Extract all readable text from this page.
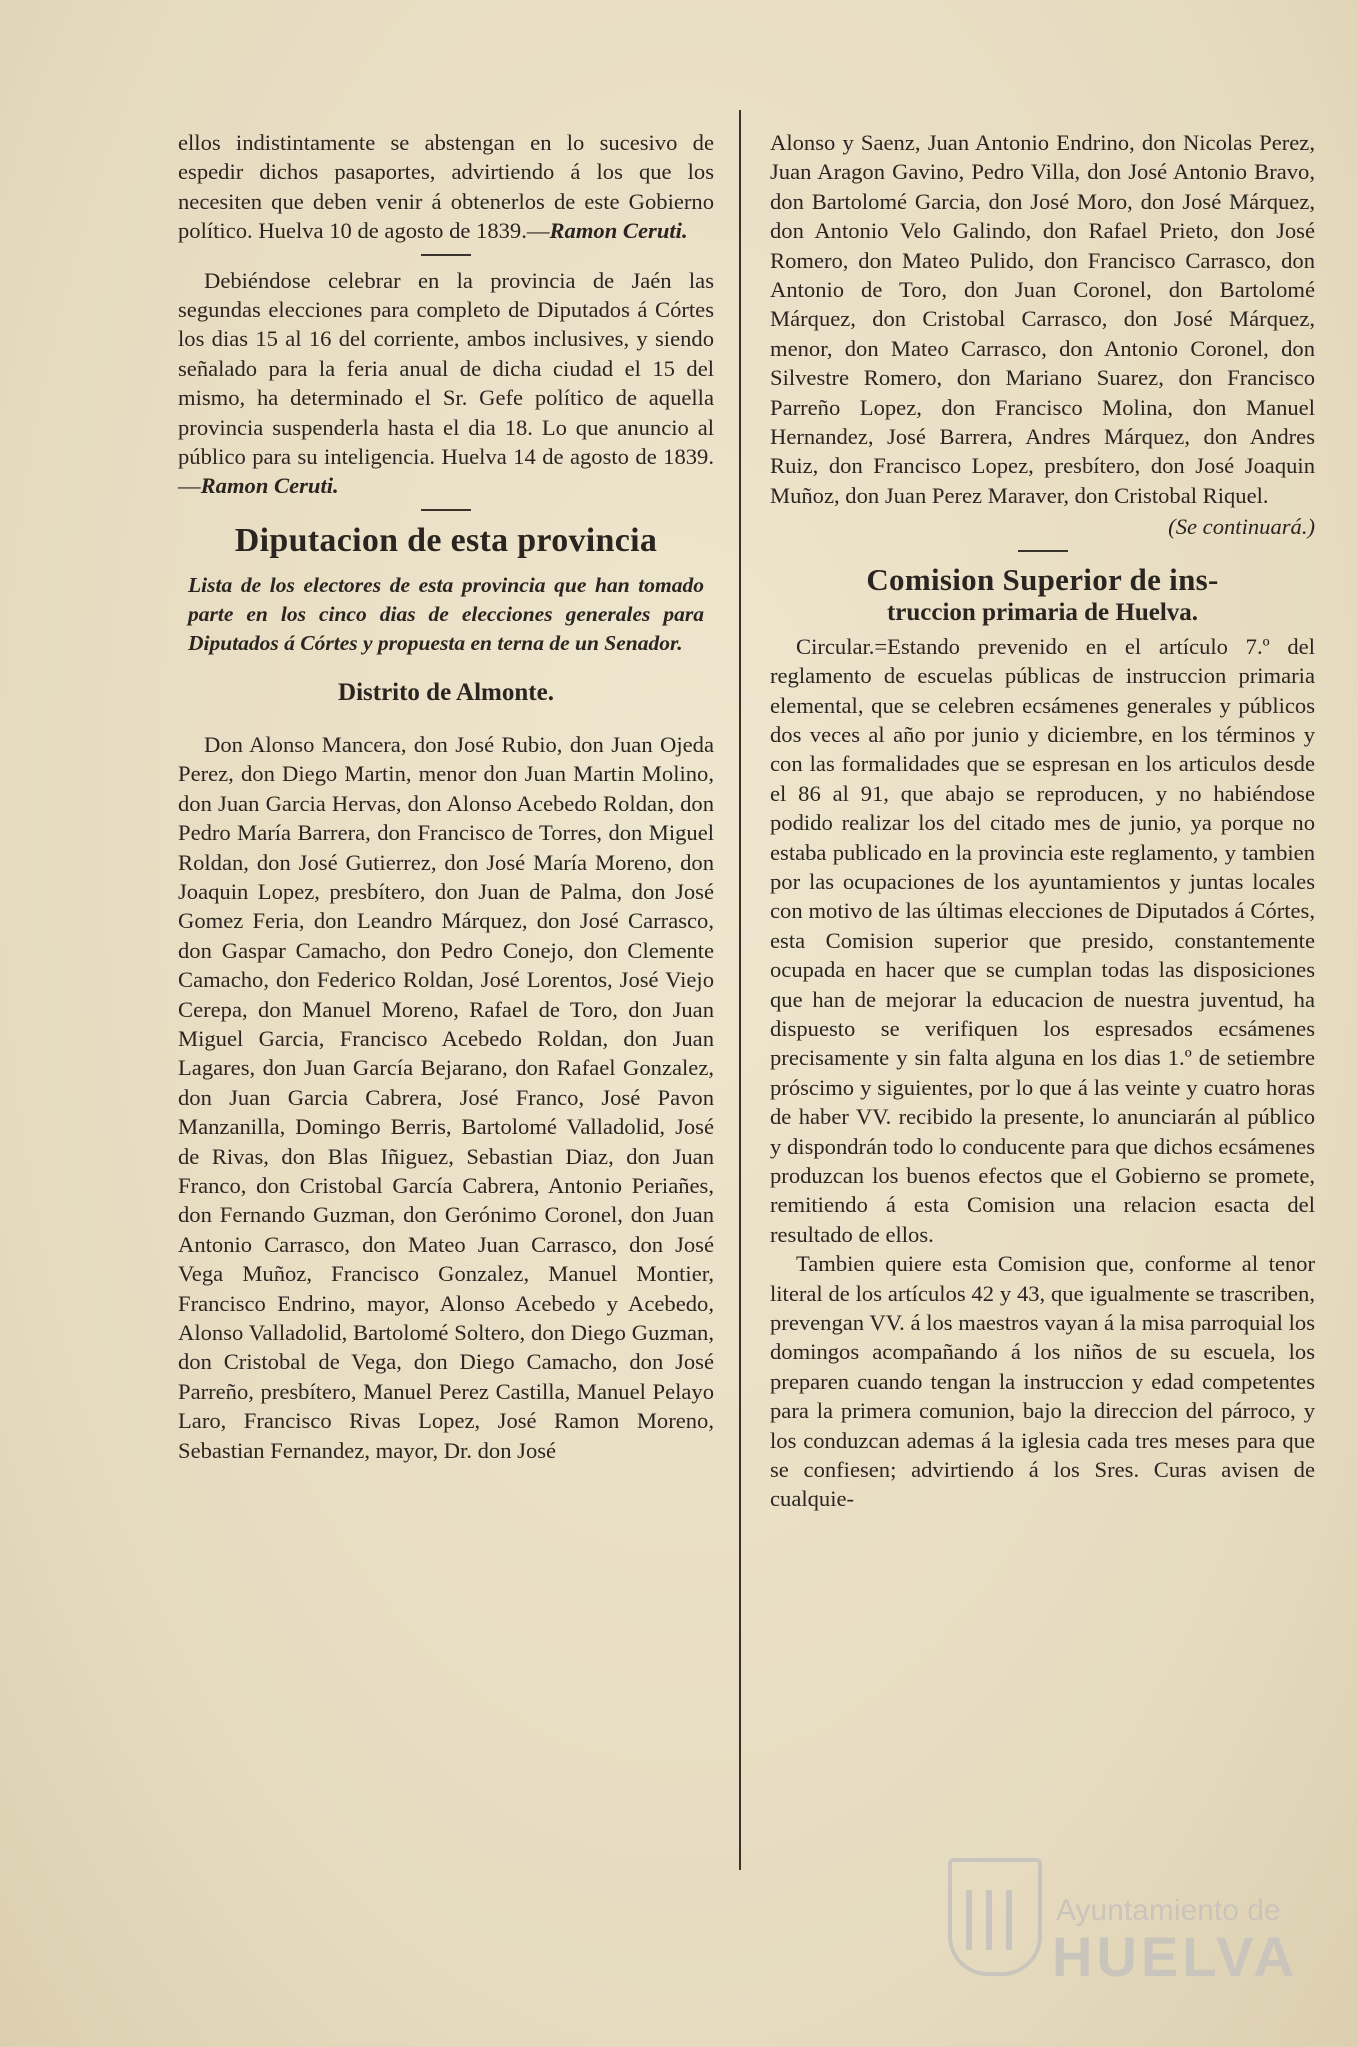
ellos indistintamente se abstengan en lo sucesivo de espedir dichos pasaportes, advirtiendo á los que los necesiten que deben venir á obtenerlos de este Gobierno político. Huelva 10 de agosto de 1839.—Ramon Ceruti.

Debiéndose celebrar en la provincia de Jaén las segundas elecciones para completo de Diputados á Córtes los dias 15 al 16 del corriente, ambos inclusives, y siendo señalado para la feria anual de dicha ciudad el 15 del mismo, ha determinado el Sr. Gefe político de aquella provincia suspenderla hasta el dia 18. Lo que anuncio al público para su inteligencia. Huelva 14 de agosto de 1839.—Ramon Ceruti.

Diputacion de esta provincia

Lista de los electores de esta provincia que han tomado parte en los cinco dias de elecciones generales para Diputados á Córtes y propuesta en terna de un Senador.

Distrito de Almonte.

Don Alonso Mancera, don José Rubio, don Juan Ojeda Perez, don Diego Martin, menor don Juan Martin Molino, don Juan Garcia Hervas, don Alonso Acebedo Roldan, don Pedro María Barrera, don Francisco de Torres, don Miguel Roldan, don José Gutierrez, don José María Moreno, don Joaquin Lopez, presbítero, don Juan de Palma, don José Gomez Feria, don Leandro Márquez, don José Carrasco, don Gaspar Camacho, don Pedro Conejo, don Clemente Camacho, don Federico Roldan, José Lorentos, José Viejo Cerepa, don Manuel Moreno, Rafael de Toro, don Juan Miguel Garcia, Francisco Acebedo Roldan, don Juan Lagares, don Juan García Bejarano, don Rafael Gonzalez, don Juan Garcia Cabrera, José Franco, José Pavon Manzanilla, Domingo Berris, Bartolomé Valladolid, José de Rivas, don Blas Iñiguez, Sebastian Diaz, don Juan Franco, don Cristobal García Cabrera, Antonio Periañes, don Fernando Guzman, don Gerónimo Coronel, don Juan Antonio Carrasco, don Mateo Juan Carrasco, don José Vega Muñoz, Francisco Gonzalez, Manuel Montier, Francisco Endrino, mayor, Alonso Acebedo y Acebedo, Alonso Valladolid, Bartolomé Soltero, don Diego Guzman, don Cristobal de Vega, don Diego Camacho, don José Parreño, presbítero, Manuel Perez Castilla, Manuel Pelayo Laro, Francisco Rivas Lopez, José Ramon Moreno, Sebastian Fernandez, mayor, Dr. don José

Alonso y Saenz, Juan Antonio Endrino, don Nicolas Perez, Juan Aragon Gavino, Pedro Villa, don José Antonio Bravo, don Bartolomé Garcia, don José Moro, don José Márquez, don Antonio Velo Galindo, don Rafael Prieto, don José Romero, don Mateo Pulido, don Francisco Carrasco, don Antonio de Toro, don Juan Coronel, don Bartolomé Márquez, don Cristobal Carrasco, don José Márquez, menor, don Mateo Carrasco, don Antonio Coronel, don Silvestre Romero, don Mariano Suarez, don Francisco Parreño Lopez, don Francisco Molina, don Manuel Hernandez, José Barrera, Andres Márquez, don Andres Ruiz, don Francisco Lopez, presbítero, don José Joaquin Muñoz, don Juan Perez Maraver, don Cristobal Riquel.

(Se continuará.)

Comision Superior de ins-
truccion primaria de Huelva.

Circular.=Estando prevenido en el artículo 7.º del reglamento de escuelas públicas de instruccion primaria elemental, que se celebren ecsámenes generales y públicos dos veces al año por junio y diciembre, en los términos y con las formalidades que se espresan en los articulos desde el 86 al 91, que abajo se reproducen, y no habiéndose podido realizar los del citado mes de junio, ya porque no estaba publicado en la provincia este reglamento, y tambien por las ocupaciones de los ayuntamientos y juntas locales con motivo de las últimas elecciones de Diputados á Córtes, esta Comision superior que presido, constantemente ocupada en hacer que se cumplan todas las disposiciones que han de mejorar la educacion de nuestra juventud, ha dispuesto se verifiquen los espresados ecsámenes precisamente y sin falta alguna en los dias 1.º de setiembre próscimo y siguientes, por lo que á las veinte y cuatro horas de haber VV. recibido la presente, lo anunciarán al público y dispondrán todo lo conducente para que dichos ecsámenes produzcan los buenos efectos que el Gobierno se promete, remitiendo á esta Comision una relacion esacta del resultado de ellos.

Tambien quiere esta Comision que, conforme al tenor literal de los artículos 42 y 43, que igualmente se trascriben, prevengan VV. á los maestros vayan á la misa parroquial los domingos acompañando á los niños de su escuela, los preparen cuando tengan la instruccion y edad competentes para la primera comunion, bajo la direccion del párroco, y los conduzcan ademas á la iglesia cada tres meses para que se confiesen; advirtiendo á los Sres. Curas avisen de cualquie-

Ayuntamiento de
HUELVA
